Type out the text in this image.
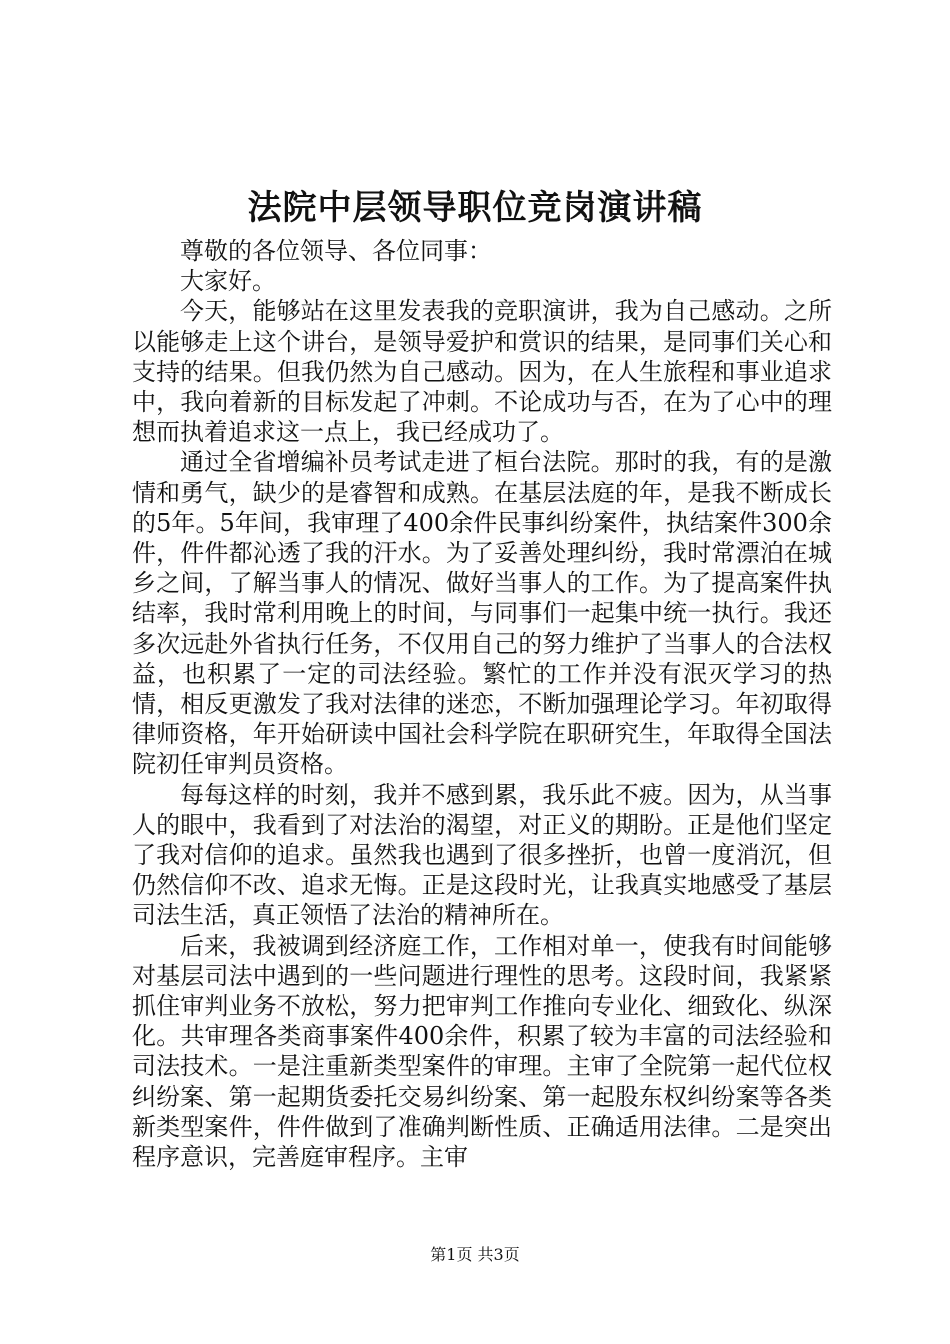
法院中层领导职位竞岗演讲稿

尊敬的各位领导、各位同事：

大家好。

今天，能够站在这里发表我的竞职演讲，我为自己感动。之所以能够走上这个讲台，是领导爱护和赏识的结果，是同事们关心和支持的结果。但我仍然为自己感动。因为，在人生旅程和事业追求中，我向着新的目标发起了冲刺。不论成功与否，在为了心中的理想而执着追求这一点上，我已经成功了。

通过全省增编补员考试走进了桓台法院。那时的我，有的是激情和勇气，缺少的是睿智和成熟。在基层法庭的年，是我不断成长的5年。5年间，我审理了400余件民事纠纷案件，执结案件300余件，件件都沁透了我的汗水。为了妥善处理纠纷，我时常漂泊在城乡之间，了解当事人的情况、做好当事人的工作。为了提高案件执结率，我时常利用晚上的时间，与同事们一起集中统一执行。我还多次远赴外省执行任务，不仅用自己的努力维护了当事人的合法权益，也积累了一定的司法经验。繁忙的工作并没有泯灭学习的热情，相反更激发了我对法律的迷恋，不断加强理论学习。年初取得律师资格，年开始研读中国社会科学院在职研究生，年取得全国法院初任审判员资格。

每每这样的时刻，我并不感到累，我乐此不疲。因为，从当事人的眼中，我看到了对法治的渴望，对正义的期盼。正是他们坚定了我对信仰的追求。虽然我也遇到了很多挫折，也曾一度消沉，但仍然信仰不改、追求无悔。正是这段时光，让我真实地感受了基层司法生活，真正领悟了法治的精神所在。

后来，我被调到经济庭工作，工作相对单一，使我有时间能够对基层司法中遇到的一些问题进行理性的思考。这段时间，我紧紧抓住审判业务不放松，努力把审判工作推向专业化、细致化、纵深化。共审理各类商事案件400余件，积累了较为丰富的司法经验和司法技术。一是注重新类型案件的审理。主审了全院第一起代位权纠纷案、第一起期货委托交易纠纷案、第一起股东权纠纷案等各类新类型案件，件件做到了准确判断性质、正确适用法律。二是突出程序意识，完善庭审程序。主审

第1页 共3页
